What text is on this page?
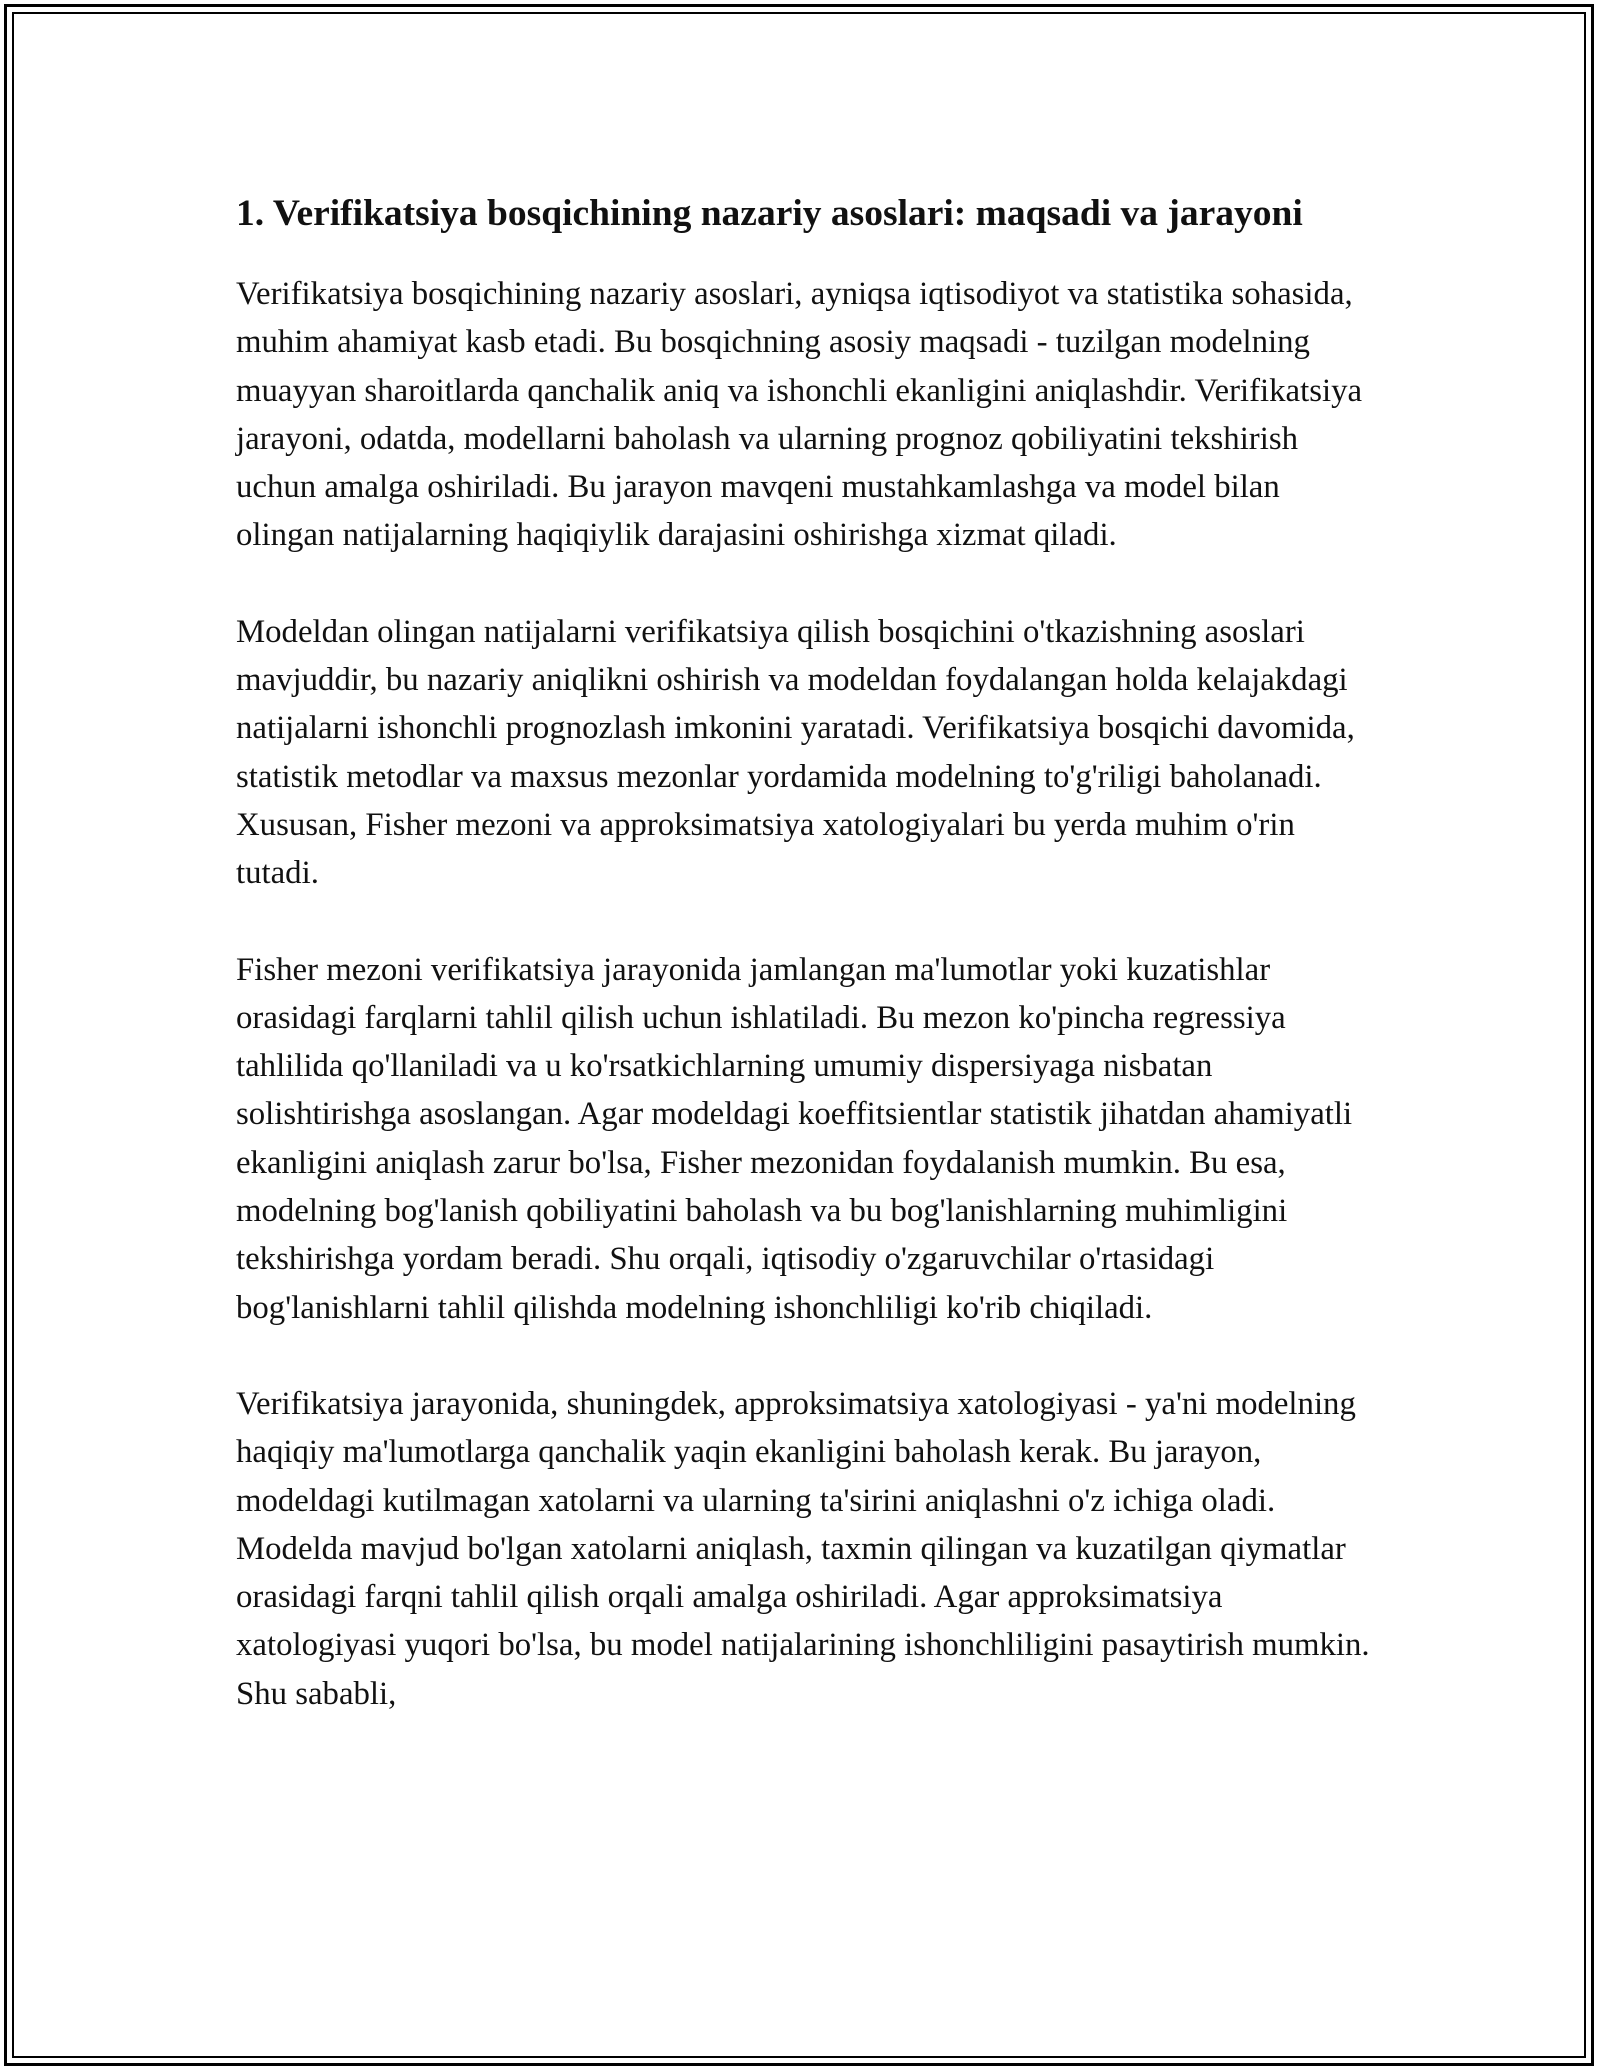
1. Verifikatsiya bosqichining nazariy asoslari: maqsadi va jarayoni

Verifikatsiya bosqichining nazariy asoslari, ayniqsa iqtisodiyot va statistika sohasida, muhim ahamiyat kasb etadi. Bu bosqichning asosiy maqsadi - tuzilgan modelning muayyan sharoitlarda qanchalik aniq va ishonchli ekanligini aniqlashdir. Verifikatsiya jarayoni, odatda, modellarni baholash va ularning prognoz qobiliyatini tekshirish uchun amalga oshiriladi. Bu jarayon mavqeni mustahkamlashga va model bilan olingan natijalarning haqiqiylik darajasini oshirishga xizmat qiladi.

Modeldan olingan natijalarni verifikatsiya qilish bosqichini o'tkazishning asoslari mavjuddir, bu nazariy aniqlikni oshirish va modeldan foydalangan holda kelajakdagi natijalarni ishonchli prognozlash imkonini yaratadi. Verifikatsiya bosqichi davomida, statistik metodlar va maxsus mezonlar yordamida modelning to'g'riligi baholanadi. Xususan, Fisher mezoni va approksimatsiya xatologiyalari bu yerda muhim o'rin tutadi.

Fisher mezoni verifikatsiya jarayonida jamlangan ma'lumotlar yoki kuzatishlar orasidagi farqlarni tahlil qilish uchun ishlatiladi. Bu mezon ko'pincha regressiya tahlilida qo'llaniladi va u ko'rsatkichlarning umumiy dispersiyaga nisbatan solishtirishga asoslangan. Agar modeldagi koeffitsientlar statistik jihatdan ahamiyatli ekanligini aniqlash zarur bo'lsa, Fisher mezonidan foydalanish mumkin. Bu esa, modelning bog'lanish qobiliyatini baholash va bu bog'lanishlarning muhimligini tekshirishga yordam beradi. Shu orqali, iqtisodiy o'zgaruvchilar o'rtasidagi bog'lanishlarni tahlil qilishda modelning ishonchliligi ko'rib chiqiladi.

Verifikatsiya jarayonida, shuningdek, approksimatsiya xatologiyasi - ya'ni modelning haqiqiy ma'lumotlarga qanchalik yaqin ekanligini baholash kerak. Bu jarayon, modeldagi kutilmagan xatolarni va ularning ta'sirini aniqlashni o'z ichiga oladi. Modelda mavjud bo'lgan xatolarni aniqlash, taxmin qilingan va kuzatilgan qiymatlar orasidagi farqni tahlil qilish orqali amalga oshiriladi. Agar approksimatsiya xatologiyasi yuqori bo'lsa, bu model natijalarining ishonchliligini pasaytirish mumkin. Shu sababli,
